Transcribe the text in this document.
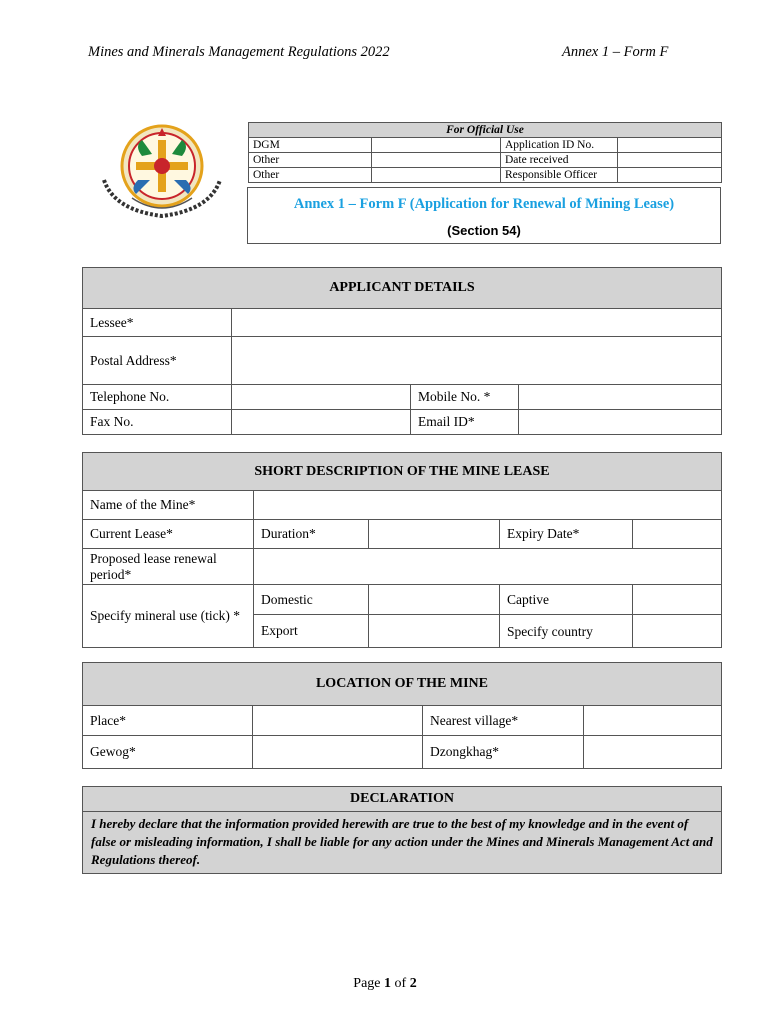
Mines and Minerals Management Regulations 2022	Annex 1 – Form F
For Official Use			
DGM		Application ID No.	
Other		Date received	
Other		Responsible Officer	
Annex 1 – Form F (Application for Renewal of Mining Lease)
(Section 54)
APPLICANT DETAILS			
Lessee*			
Postal Address*			
Telephone No.		Mobile No. *	
Fax No.		Email ID*	
SHORT DESCRIPTION OF THE MINE LEASE				
Name of the Mine*				
Current Lease*	Duration*		Expiry Date*	
Proposed lease renewal period*				
Specify mineral use (tick) *	Domestic		Captive	
	Export		Specify country	
LOCATION OF THE MINE			
Place*		Nearest village*	
Gewog*		Dzongkhag*	
DECLARATION
I hereby declare that the information provided herewith are true to the best of my knowledge and in the event of false or misleading information, I shall be liable for any action under the Mines and Minerals Management Act and Regulations thereof.
Page 1 of 2
